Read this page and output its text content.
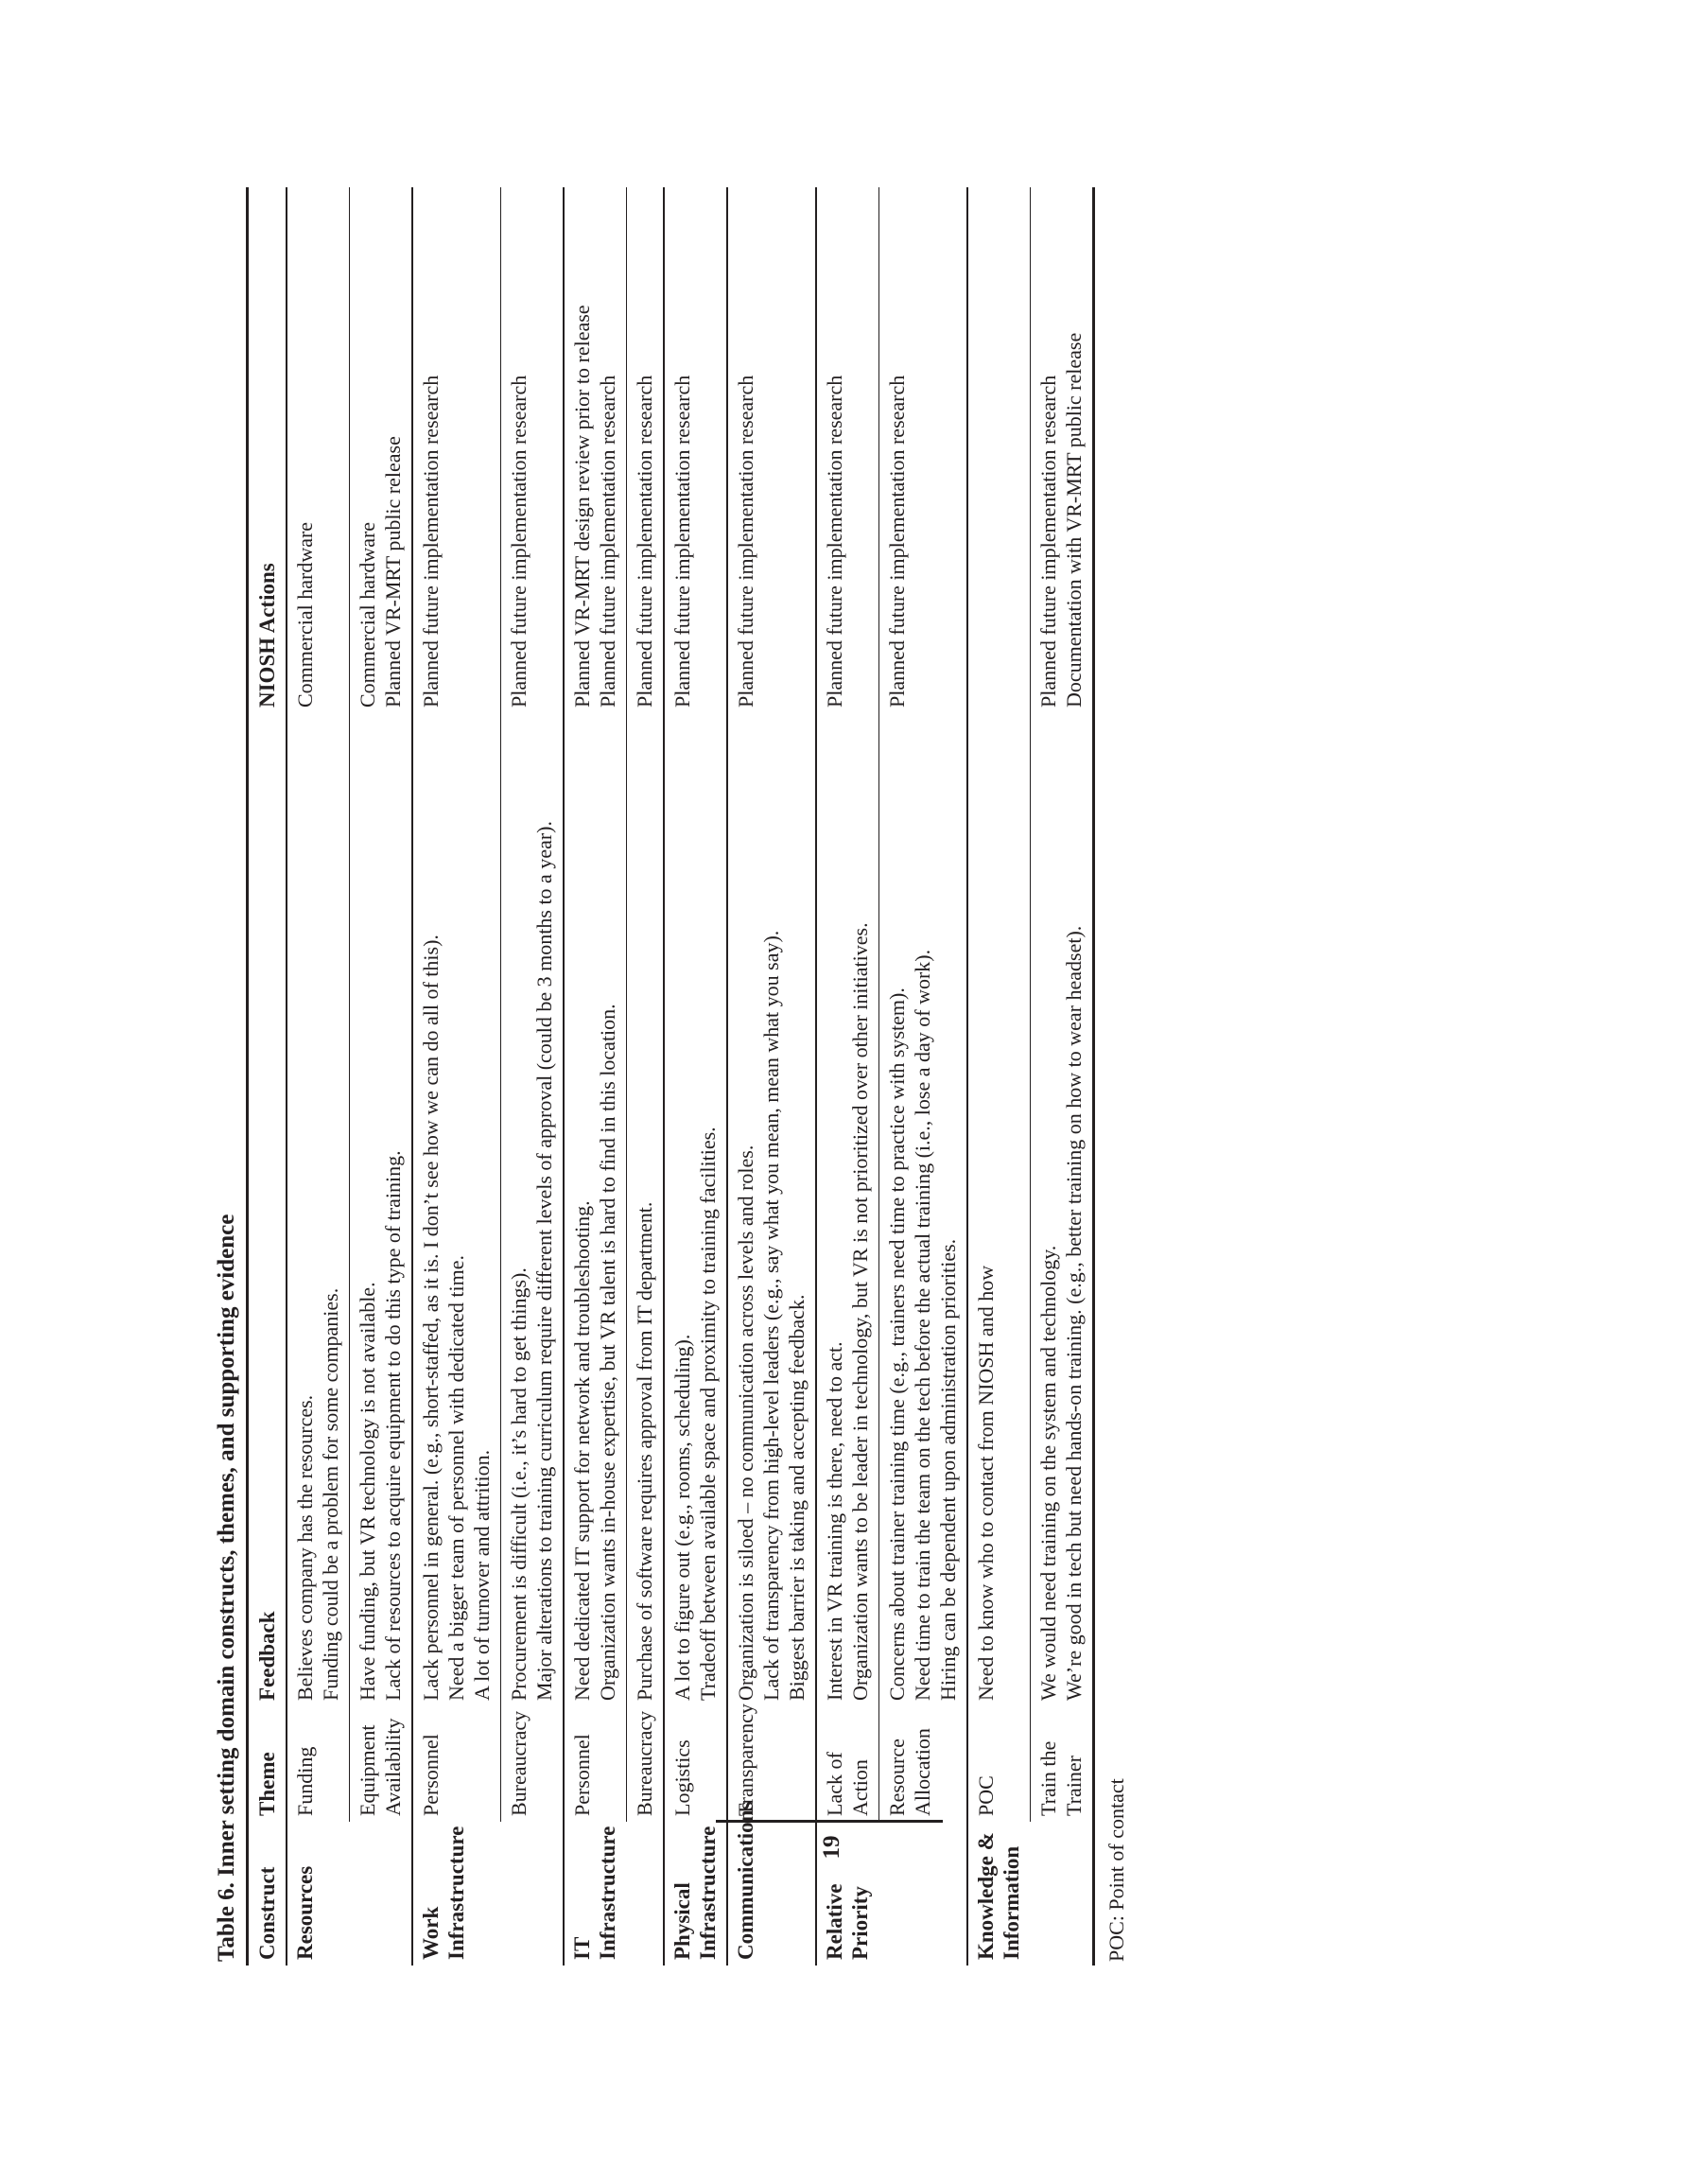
19
Table 6. Inner setting domain constructs, themes, and supporting evidence Construct	Theme	Feedback	NIOSH Actions
Resources	Funding	Believes company has the resources. Funding could be a problem for some companies.	Commercial hardware

	Equipment Availability	Have funding, but VR technology is not available. Lack of resources to acquire equipment to do this type of training.	Commercial hardware Planned VR-MRT public release

Work Infrastructure	Personnel	Lack personnel in general. (e.g., short-staffed, as it is. I don’t see how we can do all of this). Need a bigger team of personnel with dedicated time. A lot of turnover and attrition.	Planned future implementation research

	Bureaucracy	Procurement is difficult (i.e., it’s hard to get things). Major alterations to training curriculum require different levels of approval (could be 3 months to a year).	Planned future implementation research

IT Infrastructure	Personnel	Need dedicated IT support for network and troubleshooting. Organization wants in-house expertise, but VR talent is hard to find in this location.	Planned VR-MRT design review prior to release Planned future implementation research

	Bureaucracy	Purchase of software requires approval from IT department.	Planned future implementation research

Physical Infrastructure	Logistics	A lot to figure out (e.g., rooms, scheduling). Tradeoff between available space and proximity to training facilities.	Planned future implementation research

Communications	Transparency	Organization is siloed – no communication across levels and roles. Lack of transparency from high-level leaders (e.g., say what you mean, mean what you say). Biggest barrier is taking and accepting feedback.	Planned future implementation research

Relative Priority	Lack of Action	Interest in VR training is there, need to act. Organization wants to be leader in technology, but VR is not prioritized over other initiatives.	Planned future implementation research

	Resource Allocation	Concerns about trainer training time (e.g., trainers need time to practice with system). Need time to train the team on the tech before the actual training (i.e., lose a day of work). Hiring can be dependent upon administration priorities.	Planned future implementation research

Knowledge & Information	POC	Need to know who to contact from NIOSH and how	

	Train the Trainer	We would need training on the system and technology. We’re good in tech but need hands-on training. (e.g., better training on how to wear headset).	Planned future implementation research Documentation with VR-MRT public release
POC: Point of contact
